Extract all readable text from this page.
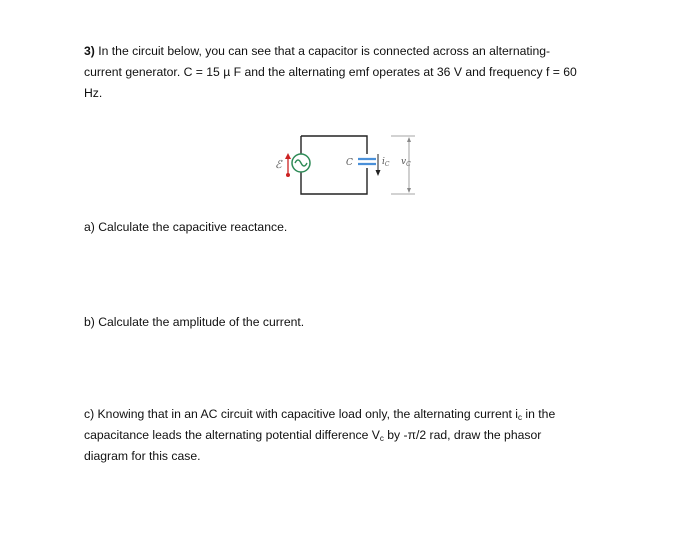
3) In the circuit below, you can see that a capacitor is connected across an alternating-
current generator. C = 15 µ F and the alternating emf operates at 36 V and frequency f = 60
Hz.
ℰ	C	$i_C$ $v_C$
a) Calculate the capacitive reactance.
b) Calculate the amplitude of the current.
c) Knowing that in an AC circuit with capacitive load only, the alternating current $i_c$ in the
capacitance leads the alternating potential difference $V_c$ by -π/2 rad, draw the phasor
diagram for this case.
